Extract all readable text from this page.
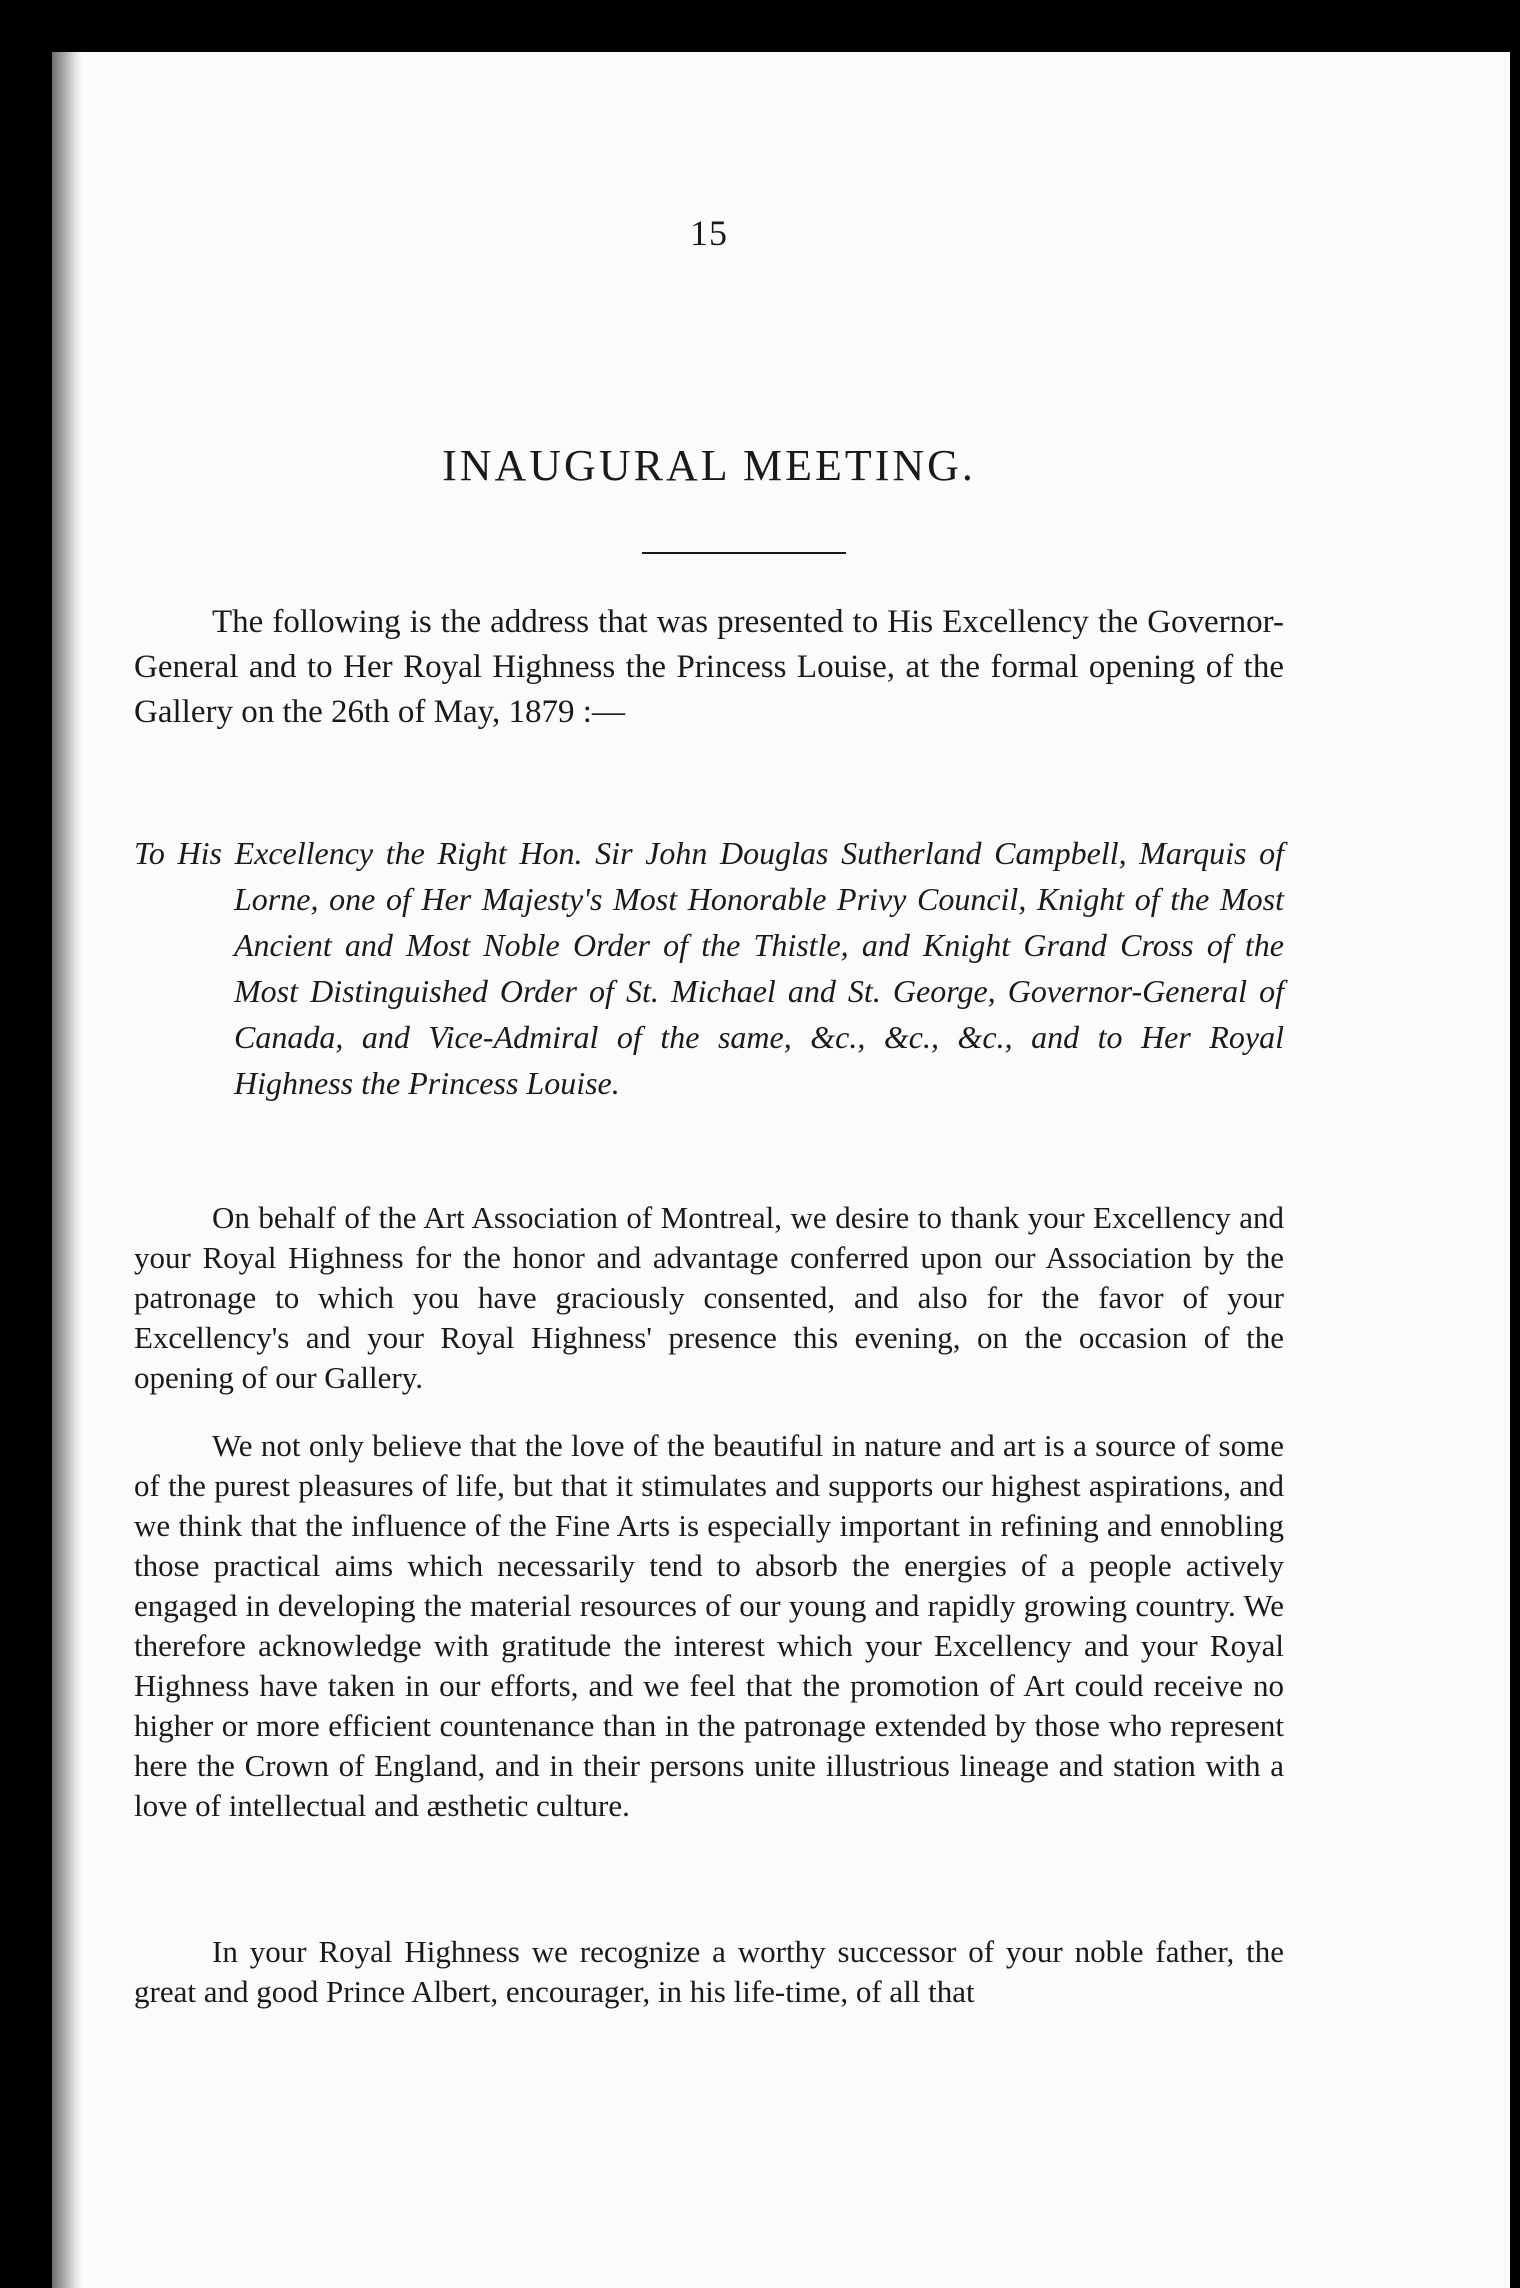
15
INAUGURAL MEETING.

The following is the address that was presented to His Excellency the Governor-General and to Her Royal Highness the Princess Louise, at the formal opening of the Gallery on the 26th of May, 1879 :—

To His Excellency the Right Hon. Sir John Douglas Sutherland Campbell, Marquis of Lorne, one of Her Majesty's Most Honorable Privy Council, Knight of the Most Ancient and Most Noble Order of the Thistle, and Knight Grand Cross of the Most Distinguished Order of St. Michael and St. George, Governor-General of Canada, and Vice-Admiral of the same, &c., &c., &c., and to Her Royal Highness the Princess Louise.

On behalf of the Art Association of Montreal, we desire to thank your Excellency and your Royal Highness for the honor and advantage conferred upon our Association by the patronage to which you have graciously consented, and also for the favor of your Excellency's and your Royal Highness' presence this evening, on the occasion of the opening of our Gallery.

We not only believe that the love of the beautiful in nature and art is a source of some of the purest pleasures of life, but that it stimulates and supports our highest aspirations, and we think that the influence of the Fine Arts is especially important in refining and ennobling those practical aims which necessarily tend to absorb the energies of a people actively engaged in developing the material resources of our young and rapidly growing country. We therefore acknowledge with gratitude the interest which your Excellency and your Royal Highness have taken in our efforts, and we feel that the promotion of Art could receive no higher or more efficient countenance than in the patronage extended by those who represent here the Crown of England, and in their persons unite illustrious lineage and station with a love of intellectual and æsthetic culture.

In your Royal Highness we recognize a worthy successor of your noble father, the great and good Prince Albert, encourager, in his life-time, of all that
